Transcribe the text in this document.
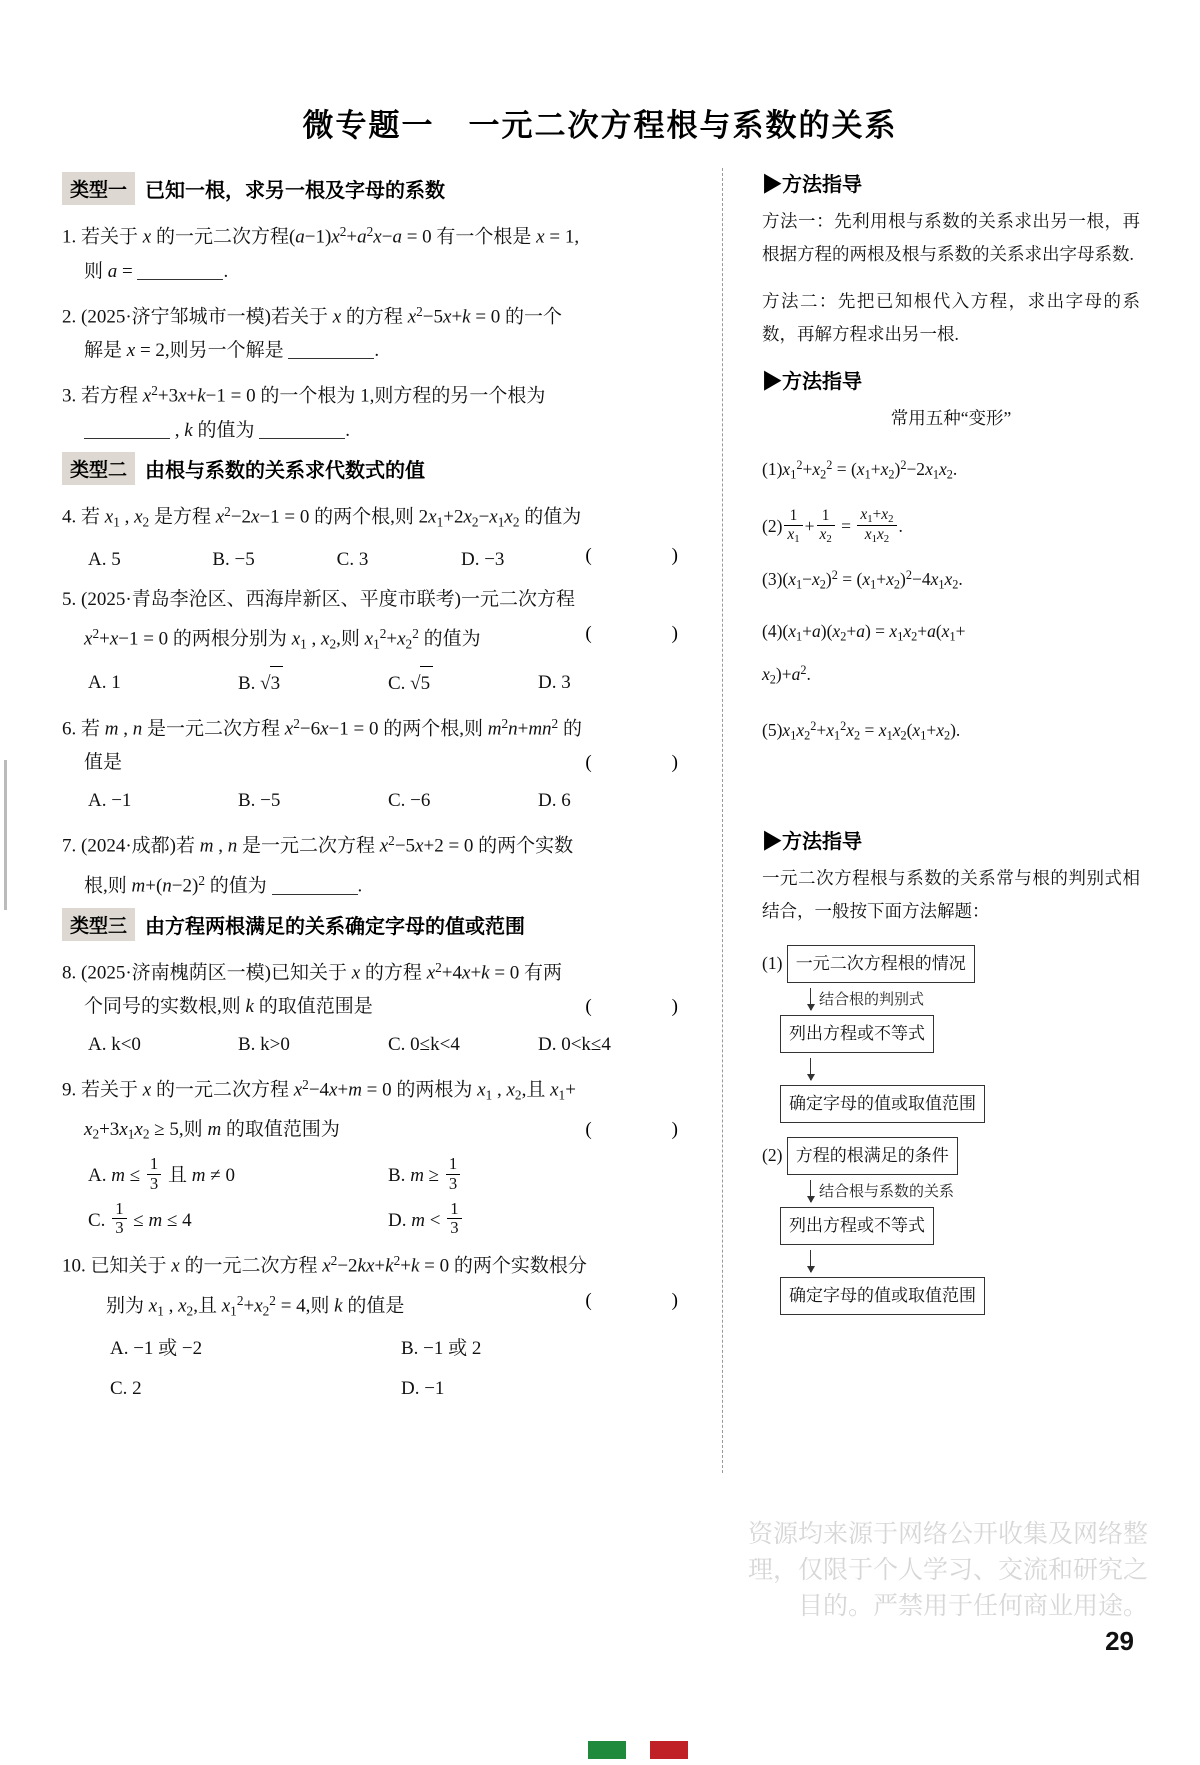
微专题一 一元二次方程根与系数的关系
类型一 已知一根，求另一根及字母的系数
1. 若关于 x 的一元二次方程$(a-1)x^2+a^2x-a = 0$ 有一个根是 x = 1,
则 a =	.
2. (2025·济宁邹城市一模)若关于 x 的方程 $x^2-5x+k = 0$ 的一个
解是 x = 2,则另一个解是	.
3. 若方程 $x^2+3x+k-1 = 0$ 的一个根为 1,则方程的另一个根为
, k 的值为	.
类型二 由根与系数的关系求代数式的值
4. 若 $x_1$ , $x_2$ 是方程 $x^2-2x-1 = 0$ 的两个根,则 $2x_1+2x_2-x_1x_2$ 的值为

(　　)
A. 5	B. −5	C. 3	D. −3
5. (2025·青岛李沧区、西海岸新区、平度市联考)一元二次方程
$x^2+x-1 = 0$ 的两根分别为 $x_1$ , $x_2$,则 $x_1^2+x_2^2$ 的值为	(　　)
A. 1	B. √3	C. √5	D. 3
6. 若 m , n 是一元二次方程 $x^2-6x-1 = 0$ 的两个根,则 $m^2n+mn^2$ 的
值是	(　　)
A. −1	B. −5	C. −6	D. 6
7. (2024·成都)若 m , n 是一元二次方程 $x^2-5x+2 = 0$ 的两个实数
根,则 $m+(n-2)^2$ 的值为	.
类型三 由方程两根满足的关系确定字母的值或范围
8. (2025·济南槐荫区一模)已知关于 x 的方程 $x^2+4x+k = 0$ 有两
个同号的实数根,则 k 的取值范围是	(　　)
A. k<0	B. k>0	C. 0≤k<4	D. 0<k≤4
9. 若关于 x 的一元二次方程 $x^2-4x+m = 0$ 的两根为 $x_1$ , $x_2$,且 $x_1+$
$x_2+3x_1x_2 \ge 5$,则 m 的取值范围为	(　　)
A. $m \le \frac{1}{3}$ 且 m ≠ 0	B. $m \ge \frac{1}{3}$
C. $\frac{1}{3} \le m \le 4$	D. $m < \frac{1}{3}$
10. 已知关于 x 的一元二次方程 $x^2-2kx+k^2+k = 0$ 的两个实数根分
别为 $x_1$ , $x_2$,且 $x_1^2+x_2^2 = 4$,则 k 的值是	(　　)
A. −1 或 −2	B. −1 或 2
C. 2	D. −1
▶方法指导
方法一：先利用根与系数的关系求出另一根，再根据方程的两根及根与系数的关系求出字母系数.
方法二：先把已知根代入方程，求出字母的系数，再解方程求出另一根.
▶方法指导
常用五种“变形”
$(1)x_1^2+x_2^2 = (x_1+x_2)^2-2x_1x_2$.
$(2) \frac{1}{x_1} + \frac{1}{x_2} = \frac{x_1+x_2}{x_1x_2}$ .
$(3)(x_1-x_2)^2 = (x_1+x_2)^2-4x_1x_2$.
$(4)(x_1+a)(x_2+a) = x_1x_2+a(x_1+$
$x_2)+a^2$.
$(5)x_1x_2^2+x_1^2x_2 = x_1x_2(x_1+x_2)$.
▶方法指导
一元二次方程根与系数的关系常与根的判别式相结合，一般按下面方法解题：
(1) 一元二次方程根的情况
结合根的判别式
列出方程或不等式
确定字母的值或取值范围
(2) 方程的根满足的条件
结合根与系数的关系
列出方程或不等式
确定字母的值或取值范围
资源均来源于网络公开收集及网络整理，仅限于个人学习、交流和研究之目的。严禁用于任何商业用途。
29
